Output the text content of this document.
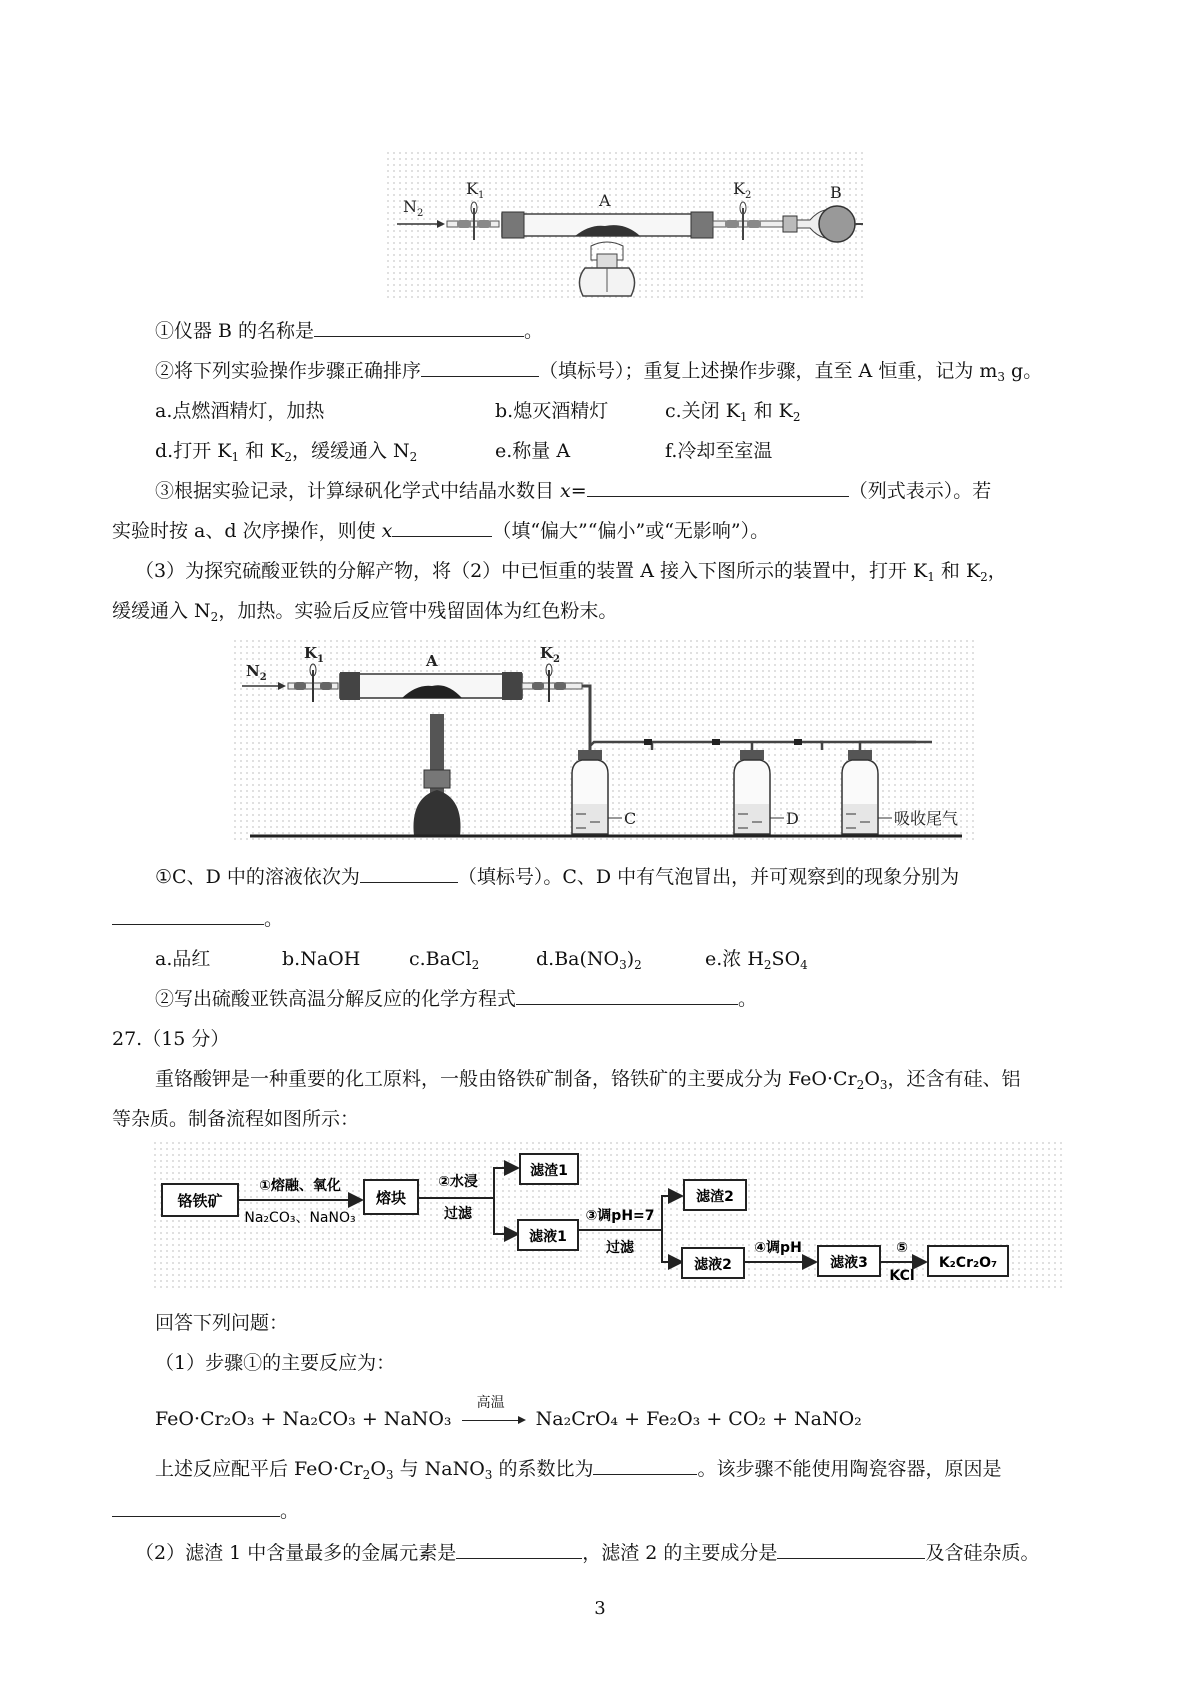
$N_2$
$K_1$	A
$K_2$	B
①仪器 B 的名称是	。
②将下列实验操作步骤正确排序	（填标号）；重复上述操作步骤，直至 A 恒重，记为 $m_3$ g。
a.点燃酒精灯，加热	b.熄灭酒精灯	c.关闭 $K_1$ 和 $K_2$
d.打开 $K_1$ 和 $K_2$，缓缓通入 $N_2$	e.称量 A	f.冷却至室温
③根据实验记录，计算绿矾化学式中结晶水数目 x=	（列式表示）。若
实验时按 a、d 次序操作，则使 x	（填“偏大”“偏小”或“无影响”）。
（3）为探究硫酸亚铁的分解产物，将（2）中已恒重的装置 A 接入下图所示的装置中，打开 $K_1$ 和 $K_2$，
缓缓通入 $N_2$，加热。实验后反应管中残留固体为红色粉末。
$N_2$
$K_1$	A	$K_2$
C	D	吸收尾气
①C、D 中的溶液依次为	（填标号）。C、D 中有气泡冒出，并可观察到的现象分别为
。
a.品红	b.NaOH	c.BaCl$_2$	$d.Ba(NO_3)_2$	e.浓 $H_2SO_4$
②写出硫酸亚铁高温分解反应的化学方程式	。
27.（15 分）
重铬酸钾是一种重要的化工原料，一般由铬铁矿制备，铬铁矿的主要成分为 $FeO\cdot Cr_2O_3$，还含有硅、铝
等杂质。制备流程如图所示：
铬铁矿
①熔融、氧化
Na₂CO₃、NaNO₃
熔块
②水浸
过滤
滤渣1
滤液1
③调pH=7
过滤
滤渣2
滤液2
④调pH
滤液3
⑤
KCl
K₂Cr₂O₇
回答下列问题：
（1）步骤①的主要反应为：
FeO·Cr₂O₃ + Na₂CO₃ + NaNO₃
高温
Na₂CrO₄ + Fe₂O₃ + CO₂ + NaNO₂
上述反应配平后 $FeO\cdot Cr_2O_3$ 与 NaNO$_3$ 的系数比为	。该步骤不能使用陶瓷容器，原因是
。
（2）滤渣 1 中含量最多的金属元素是	，滤渣 2 的主要成分是	及含硅杂质。
3
